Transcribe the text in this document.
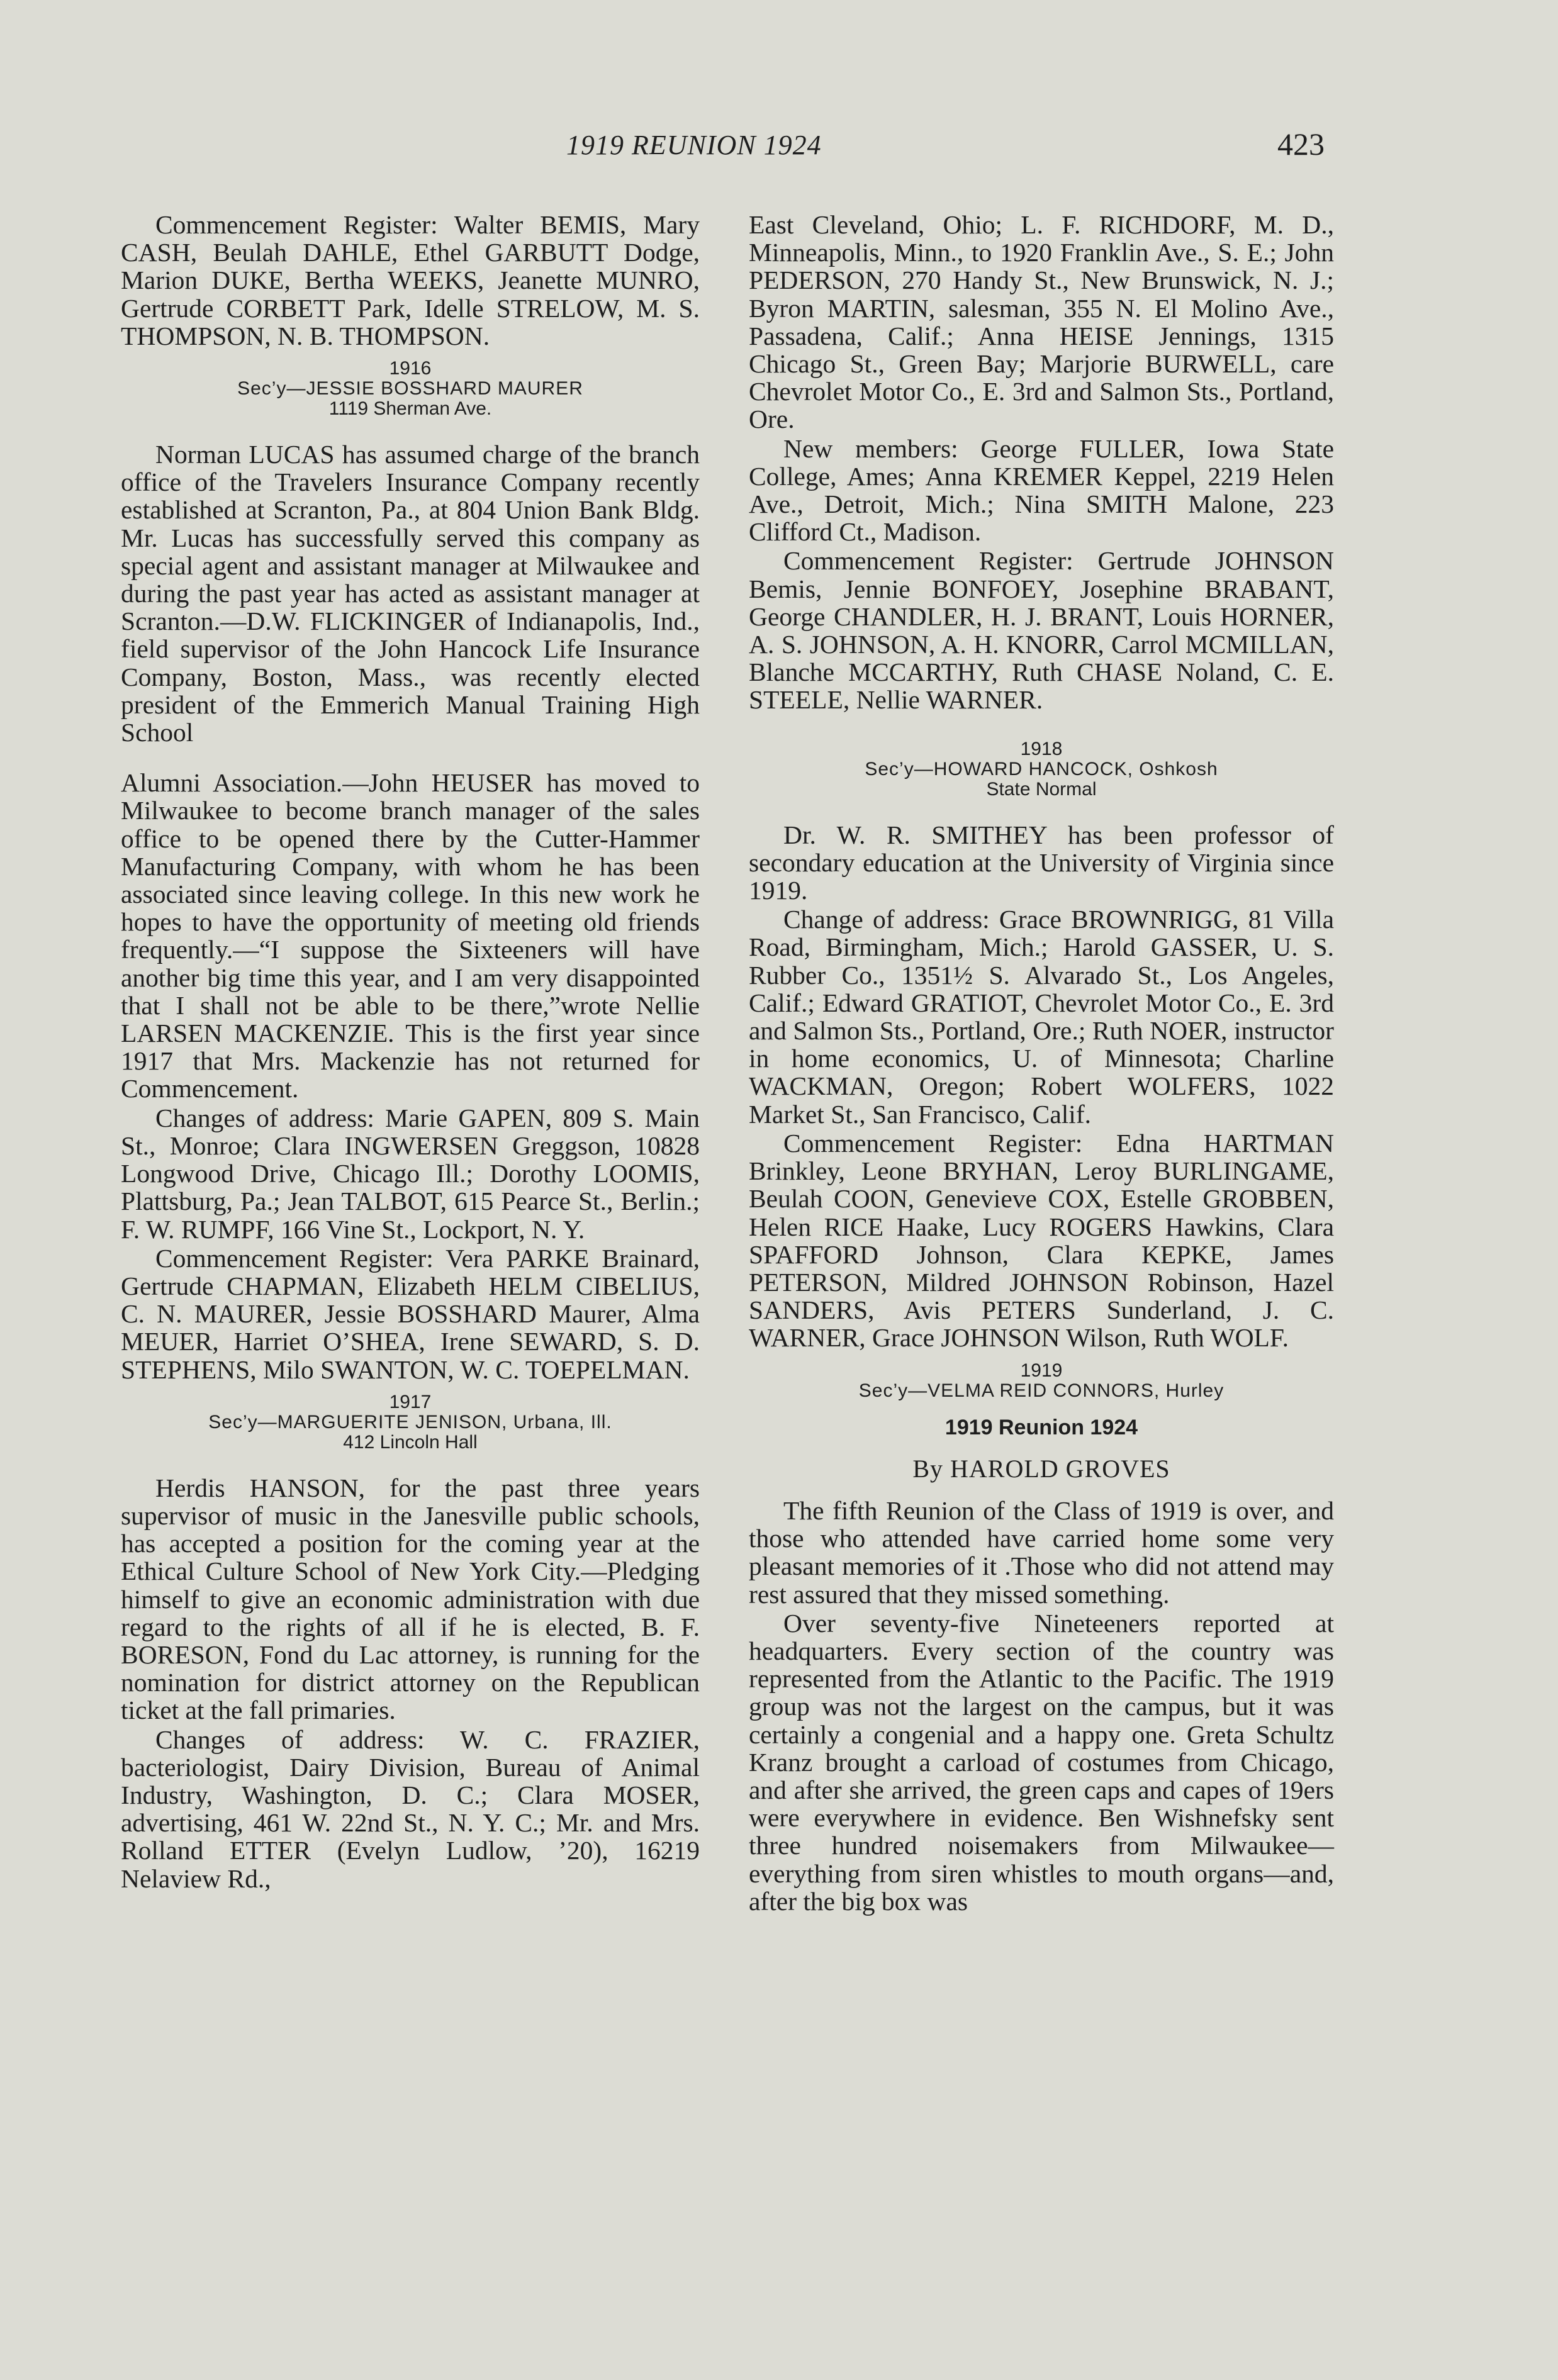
1919 REUNION 1924	423

Commencement Register: Walter BEMIS, Mary CASH, Beulah DAHLE, Ethel GARBUTT Dodge, Marion DUKE, Bertha WEEKS, Jeanette MUNRO, Gertrude CORBETT Park, Idelle STRELOW, M. S. THOMPSON, N. B. THOMPSON.

1916
Sec’y—JESSIE BOSSHARD MAURER
1119 Sherman Ave.

Norman LUCAS has assumed charge of the branch office of the Travelers Insurance Company recently established at Scranton, Pa., at 804 Union Bank Bldg. Mr. Lucas has successfully served this company as special agent and assistant manager at Milwaukee and during the past year has acted as assistant manager at Scranton.—D.W. FLICKINGER of Indianapolis, Ind., field supervisor of the John Hancock Life Insurance Company, Boston, Mass., was recently elected president of the Emmerich Manual Training High School

Alumni Association.—John HEUSER has moved to Milwaukee to become branch manager of the sales office to be opened there by the Cutter-Hammer Manufacturing Company, with whom he has been associated since leaving college. In this new work he hopes to have the opportunity of meeting old friends frequently.—“I suppose the Sixteeners will have another big time this year, and I am very disappointed that I shall not be able to be there,”wrote Nellie LARSEN MACKENZIE. This is the first year since 1917 that Mrs. Mackenzie has not returned for Commencement.

Changes of address: Marie GAPEN, 809 S. Main St., Monroe; Clara INGWERSEN Greggson, 10828 Longwood Drive, Chicago Ill.; Dorothy LOOMIS, Plattsburg, Pa.; Jean TALBOT, 615 Pearce St., Berlin.; F. W. RUMPF, 166 Vine St., Lockport, N. Y.

Commencement Register: Vera PARKE Brainard, Gertrude CHAPMAN, Elizabeth HELM CIBELIUS, C. N. MAURER, Jessie BOSSHARD Maurer, Alma MEUER, Harriet O’SHEA, Irene SEWARD, S. D. STEPHENS, Milo SWANTON, W. C. TOEPELMAN.

1917
Sec’y—MARGUERITE JENISON, Urbana, Ill.
412 Lincoln Hall

Herdis HANSON, for the past three years supervisor of music in the Janesville public schools, has accepted a position for the coming year at the Ethical Culture School of New York City.—Pledging himself to give an economic administration with due regard to the rights of all if he is elected, B. F. BORESON, Fond du Lac attorney, is running for the nomination for district attorney on the Republican ticket at the fall primaries.

Changes of address: W. C. FRAZIER, bacteriologist, Dairy Division, Bureau of Animal Industry, Washington, D. C.; Clara MOSER, advertising, 461 W. 22nd St., N. Y. C.; Mr. and Mrs. Rolland ETTER (Evelyn Ludlow, ’20), 16219 Nelaview Rd.,

East Cleveland, Ohio; L. F. RICHDORF, M. D., Minneapolis, Minn., to 1920 Franklin Ave., S. E.; John PEDERSON, 270 Handy St., New Brunswick, N. J.; Byron MARTIN, salesman, 355 N. El Molino Ave., Passadena, Calif.; Anna HEISE Jennings, 1315 Chicago St., Green Bay; Marjorie BURWELL, care Chevrolet Motor Co., E. 3rd and Salmon Sts., Portland, Ore.

New members: George FULLER, Iowa State College, Ames; Anna KREMER Keppel, 2219 Helen Ave., Detroit, Mich.; Nina SMITH Malone, 223 Clifford Ct., Madison.

Commencement Register: Gertrude JOHNSON Bemis, Jennie BONFOEY, Josephine BRABANT, George CHANDLER, H. J. BRANT, Louis HORNER, A. S. JOHNSON, A. H. KNORR, Carrol MCMILLAN, Blanche MCCARTHY, Ruth CHASE Noland, C. E. STEELE, Nellie WARNER.

1918
Sec’y—HOWARD HANCOCK, Oshkosh
State Normal

Dr. W. R. SMITHEY has been professor of secondary education at the University of Virginia since 1919.

Change of address: Grace BROWNRIGG, 81 Villa Road, Birmingham, Mich.; Harold GASSER, U. S. Rubber Co., 1351½ S. Alvarado St., Los Angeles, Calif.; Edward GRATIOT, Chevrolet Motor Co., E. 3rd and Salmon Sts., Portland, Ore.; Ruth NOER, instructor in home economics, U. of Minnesota; Charline WACKMAN, Oregon; Robert WOLFERS, 1022 Market St., San Francisco, Calif.

Commencement Register: Edna HARTMAN Brinkley, Leone BRYHAN, Leroy BURLINGAME, Beulah COON, Genevieve COX, Estelle GROBBEN, Helen RICE Haake, Lucy ROGERS Hawkins, Clara SPAFFORD Johnson, Clara KEPKE, James PETERSON, Mildred JOHNSON Robinson, Hazel SANDERS, Avis PETERS Sunderland, J. C. WARNER, Grace JOHNSON Wilson, Ruth WOLF.

1919
Sec’y—VELMA REID CONNORS, Hurley
1919 Reunion 1924
By HAROLD GROVES

The fifth Reunion of the Class of 1919 is over, and those who attended have carried home some very pleasant memories of it .Those who did not attend may rest assured that they missed something.

Over seventy-five Nineteeners reported at headquarters. Every section of the country was represented from the Atlantic to the Pacific. The 1919 group was not the largest on the campus, but it was certainly a congenial and a happy one. Greta Schultz Kranz brought a carload of costumes from Chicago, and after she arrived, the green caps and capes of 19ers were everywhere in evidence. Ben Wishnefsky sent three hundred noisemakers from Milwaukee—everything from siren whistles to mouth organs—and, after the big box was
